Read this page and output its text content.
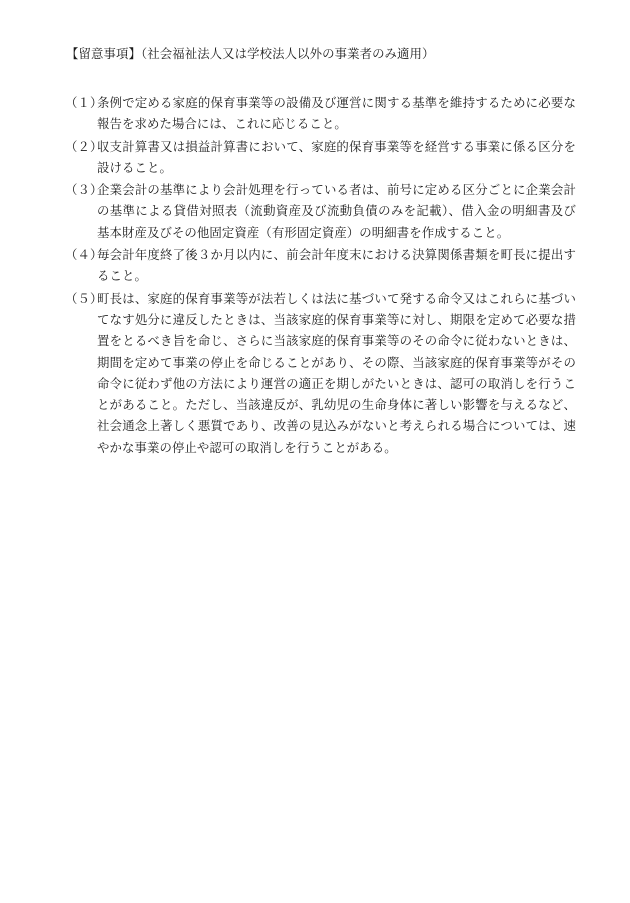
【留意事項】（社会福祉法人又は学校法人以外の事業者のみ適用）
（１）
条例で定める家庭的保育事業等の設備及び運営に関する基準を維持するために必要な報告を求めた場合には、これに応じること。
（２）
収支計算書又は損益計算書において、家庭的保育事業等を経営する事業に係る区分を設けること。
（３）
企業会計の基準により会計処理を行っている者は、前号に定める区分ごとに企業会計の基準による貸借対照表（流動資産及び流動負債のみを記載）、借入金の明細書及び基本財産及びその他固定資産（有形固定資産）の明細書を作成すること。
（４）
毎会計年度終了後３か月以内に、前会計年度末における決算関係書類を町長に提出すること。
（５）
町長は、家庭的保育事業等が法若しくは法に基づいて発する命令又はこれらに基づいてなす処分に違反したときは、当該家庭的保育事業等に対し、期限を定めて必要な措置をとるべき旨を命じ、さらに当該家庭的保育事業等のその命令に従わないときは、期間を定めて事業の停止を命じることがあり、その際、当該家庭的保育事業等がその命令に従わず他の方法により運営の適正を期しがたいときは、認可の取消しを行うことがあること。ただし、当該違反が、乳幼児の生命身体に著しい影響を与えるなど、社会通念上著しく悪質であり、改善の見込みがないと考えられる場合については、速やかな事業の停止や認可の取消しを行うことがある。
